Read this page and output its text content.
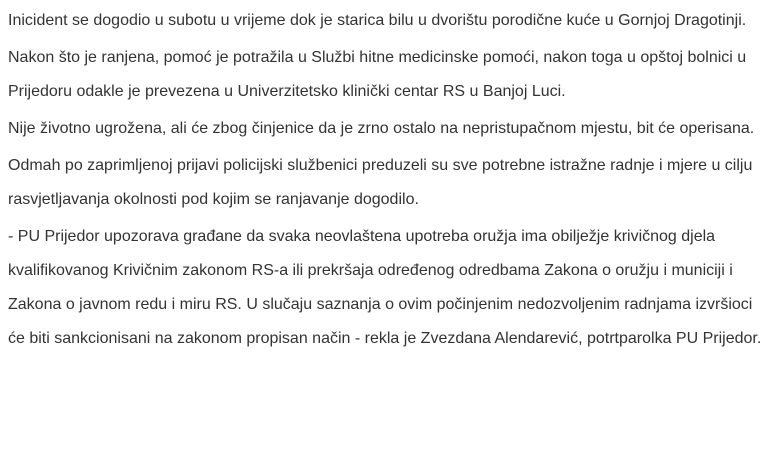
Inicident se dogodio u subotu u vrijeme dok je starica bilu u dvorištu porodične kuće u Gornjoj Dragotinji.

Nakon što je ranjena, pomoć je potražila u Službi hitne medicinske pomoći, nakon toga u opštoj bolnici u Prijedoru odakle je prevezena u Univerzitetsko klinički centar RS u Banjoj Luci.

Nije životno ugrožena, ali će zbog činjenice da je zrno ostalo na nepristupačnom mjestu, bit će operisana.

Odmah po zaprimljenoj prijavi policijski službenici preduzeli su sve potrebne istražne radnje i mjere u cilju rasvjetljavanja okolnosti pod kojim se ranjavanje dogodilo.

- PU Prijedor upozorava građane da svaka neovlaštena upotreba oružja ima obilježje krivičnog djela kvalifikovanog Krivičnim zakonom RS-a ili prekršaja određenog odredbama Zakona o oružju i municiji i Zakona o javnom redu i miru RS. U slučaju saznanja o ovim počinjenim nedozvoljenim radnjama izvršioci će biti sankcionisani na zakonom propisan način - rekla je Zvezdana Alendarević, potrtparolka PU Prijedor.
